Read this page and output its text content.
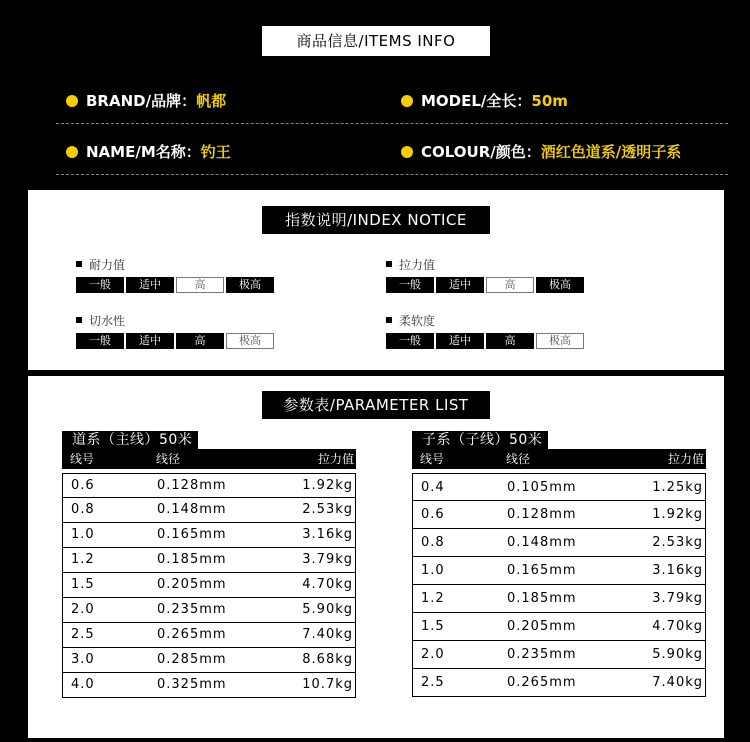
商品信息/ITEMS INFO
BRAND/品牌：帆都	MODEL/全长：50m
NAME/M名称：钓王	COLOUR/颜色：酒红色道系/透明子系
指数说明/INDEX NOTICE
耐力值
一般	适中	高	极高
拉力值
一般	适中	高	极高
切水性
一般	适中	高	极高
柔软度
一般	适中	高	极高
参数表/PARAMETER LIST
道系（主线）50米
线号	线径	拉力值
0.6	0.128mm	1.92kg
0.8	0.148mm	2.53kg
1.0	0.165mm	3.16kg
1.2	0.185mm	3.79kg
1.5	0.205mm	4.70kg
2.0	0.235mm	5.90kg
2.5	0.265mm	7.40kg
3.0	0.285mm	8.68kg
4.0	0.325mm	10.7kg
子系（子线）50米
线号	线径	拉力值
0.4	0.105mm	1.25kg
0.6	0.128mm	1.92kg
0.8	0.148mm	2.53kg
1.0	0.165mm	3.16kg
1.2	0.185mm	3.79kg
1.5	0.205mm	4.70kg
2.0	0.235mm	5.90kg
2.5	0.265mm	7.40kg
